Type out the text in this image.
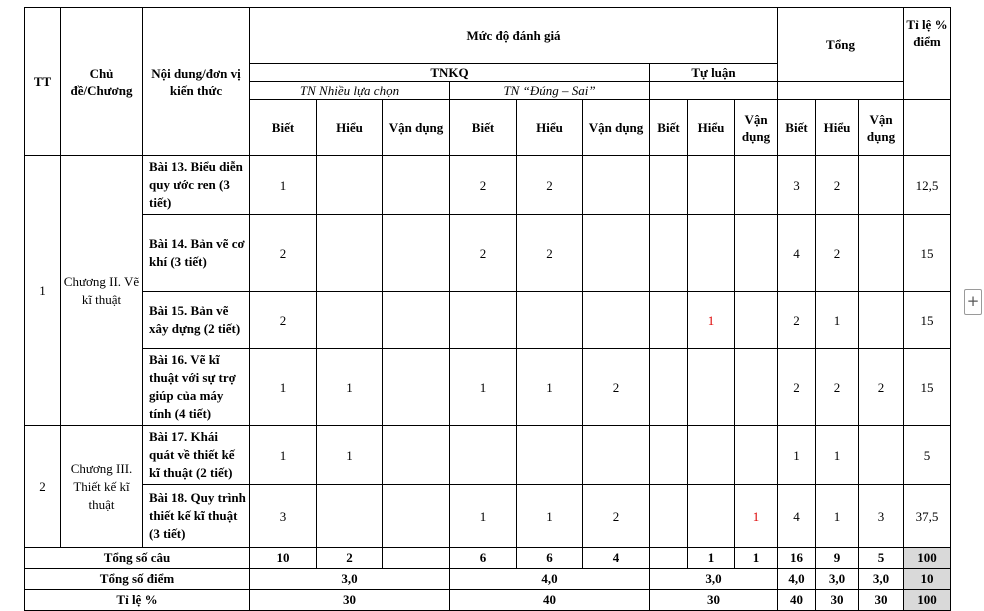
TT	Chủ đề/Chương	Nội dung/đơn vị kiến thức	Mức độ đánh giá									Tổng			Tỉ lệ % điểm
			TNKQ						Tự luận						
			TN Nhiều lựa chọn			TN “Đúng – Sai”									
			Biết	Hiểu	Vận dụng	Biết	Hiểu	Vận dụng	Biết	Hiểu	Vận dụng	Biết	Hiểu	Vận dụng	
1	Chương II. Vẽ kĩ thuật	Bài 13. Biểu diễn quy ước ren (3 tiết)	1			2	2					3	2		12,5
		Bài 14. Bản vẽ cơ khí (3 tiết)	2			2	2					4	2		15
		Bài 15. Bản vẽ xây dựng (2 tiết)	2							1		2	1		15
		Bài 16. Vẽ kĩ thuật với sự trợ giúp của máy tính (4 tiết)	1	1		1	1	2				2	2	2	15
2	Chương III. Thiết kế kĩ thuật	Bài 17. Khái quát về thiết kế kĩ thuật (2 tiết)	1	1								1	1		5
		Bài 18. Quy trình thiết kế kĩ thuật (3 tiết)	3			1	1	2			1	4	1	3	37,5
Tổng số câu			10	2		6	6	4		1	1	16	9	5	100
Tổng số điểm			3,0			4,0			3,0			4,0	3,0	3,0	10
Tỉ lệ %			30			40			30			40	30	30	100
+
